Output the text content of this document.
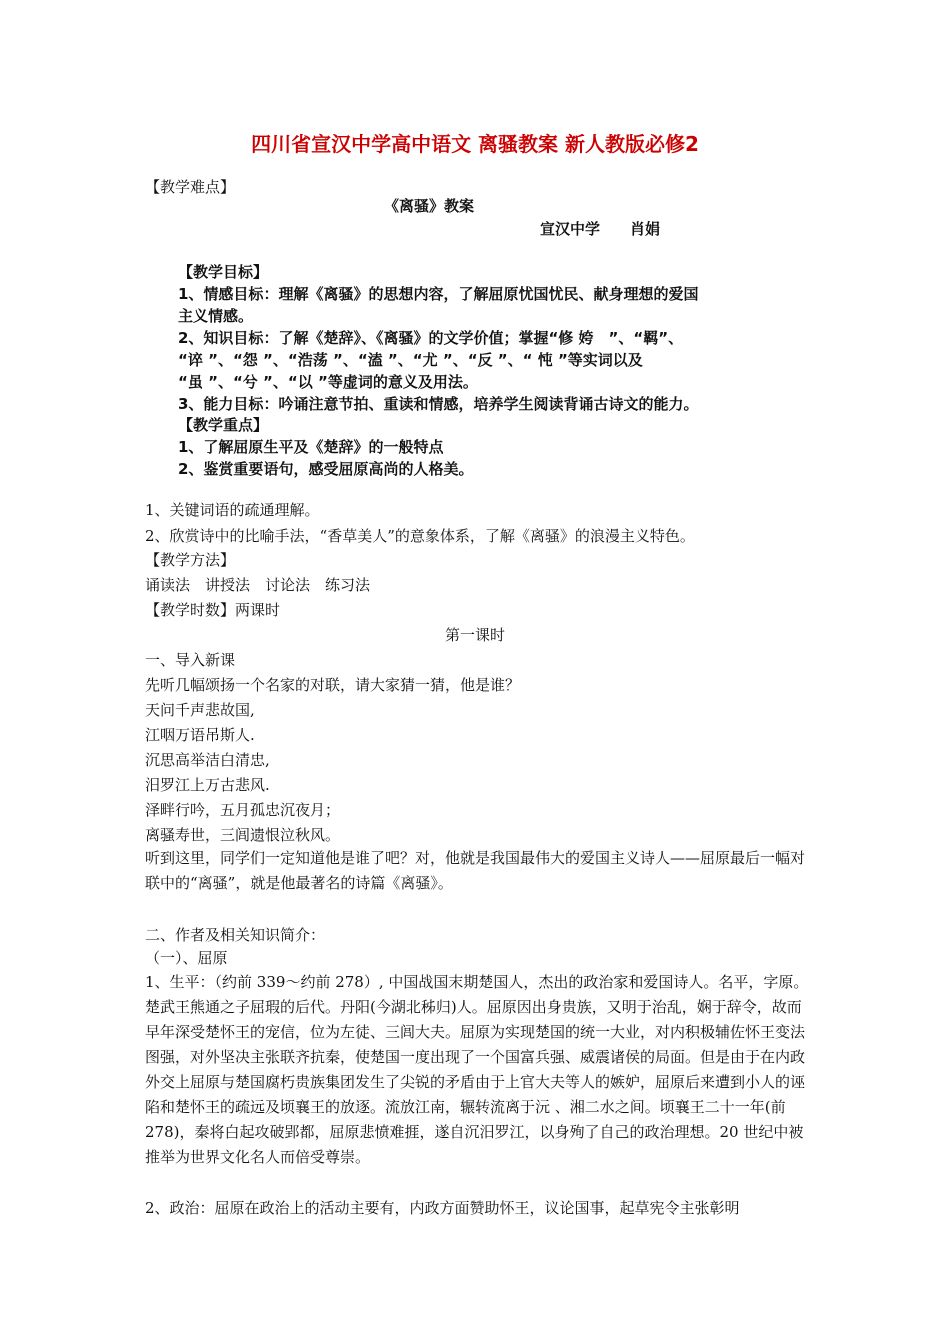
四川省宣汉中学高中语文 离骚教案 新人教版必修2

【教学难点】

《离骚》教案

宣汉中学　　肖娟

【教学目标】

1、情感目标：理解《离骚》的思想内容，了解屈原忧国忧民、献身理想的爱国

主义情感。

2、知识目标：了解《楚辞》、《离骚》的文学价值；掌握“修 姱　”、“羁”、

“谇 ”、“怨 ”、“浩荡 ”、“溘 ”、“尤 ”、“反 ”、“ 忳 ”等实词以及

“虽 ”、“兮 ”、“以 ”等虚词的意义及用法。

3、能力目标：吟诵注意节拍、重读和情感，培养学生阅读背诵古诗文的能力。

【教学重点】

1、了解屈原生平及《楚辞》的一般特点

2、鉴赏重要语句，感受屈原高尚的人格美。

1、关键词语的疏通理解。

2、欣赏诗中的比喻手法，“香草美人”的意象体系，了解《离骚》的浪漫主义特色。

【教学方法】

诵读法　讲授法　讨论法　练习法

【教学时数】两课时

第一课时

一、导入新课

先听几幅颂扬一个名家的对联，请大家猜一猜，他是谁？

天问千声悲故国,

江咽万语吊斯人.

沉思高举洁白清忠,

汨罗江上万古悲风.

泽畔行吟，五月孤忠沉夜月；

离骚寿世，三闾遗恨泣秋风。

听到这里，同学们一定知道他是谁了吧？对，他就是我国最伟大的爱国主义诗人——屈原最后一幅对联中的“离骚”，就是他最著名的诗篇《离骚》。

二、作者及相关知识简介：

（一）、屈原

1、生平：（约前 339～约前 278）, 中国战国末期楚国人，杰出的政治家和爱国诗人。名平，字原。楚武王熊通之子屈瑕的后代。丹阳(今湖北秭归)人。屈原因出身贵族，又明于治乱，娴于辞令，故而早年深受楚怀王的宠信，位为左徒、三闾大夫。屈原为实现楚国的统一大业，对内积极辅佐怀王变法图强，对外坚决主张联齐抗秦，使楚国一度出现了一个国富兵强、威震诸侯的局面。但是由于在内政外交上屈原与楚国腐朽贵族集团发生了尖锐的矛盾由于上官大夫等人的嫉妒，屈原后来遭到小人的诬陷和楚怀王的疏远及顷襄王的放逐。流放江南，辗转流离于沅 、湘二水之间。顷襄王二十一年(前 278)，秦将白起攻破郢都，屈原悲愤难捱，遂自沉汨罗江，以身殉了自己的政治理想。20 世纪中被推举为世界文化名人而倍受尊崇。

2、政治：屈原在政治上的活动主要有，内政方面赞助怀王，议论国事，起草宪令主张彰明
